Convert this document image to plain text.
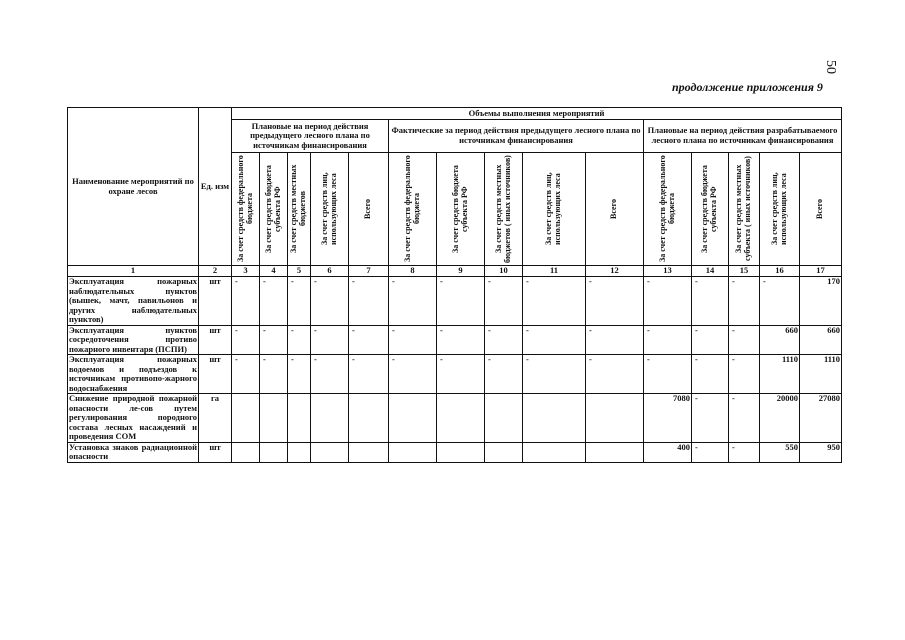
50
продолжение приложения 9
Наименование мероприятий по охране лесов	Ед. изм	Объемы выполнения мероприятий														
		Плановые на период действия предыдущего лесного плана по источникам финансирования					Фактические за период действия предыдущего лесного плана по источникам финансирования					Плановые на период действия разрабатываемого лесного плана по источникам финансирования				

		За счет средств федерального бюджета	За счет средств бюджета субъекта РФ	За счет средств местных бюджетов	За счет средств лиц, использующих леса	Всего	За счет средств федерального бюджета	За счет средств бюджета субъекта РФ	За счет средств местных бюджетов ( иных источников)	За счет средств лиц, использующих леса	Всего	За счет средств федерального бюджета	За счет средств бюджета субъекта РФ	За счет средств местных субъекта ( иных источников)	За счет средств лиц, использующих леса	Всего

1	2	3	4	5	6	7	8	9	10	11	12	13	14	15	16	17
Эксплуатация пожарных наблюдательных пунктов (вышек, мачт, павильонов и других наблюдательных пунктов)	шт	-	-	-	-	-	-	-	-	-	-	-	-	-	-	170
Эксплуатация пунктов сосредоточения противо пожарного инвентаря (ПСПИ)	шт	-	-	-	-	-	-	-	-	-	-	-	-	-	660	660
Эксплуатация пожарных водоемов и подъездов к источникам противопо-жарного водоснабжения	шт	-	-	-	-	-	-	-	-	-	-	-	-	-	1110	1110
Снижение природной пожарной опасности ле-сов путем регулирования породного состава лесных насаждений и проведения СОМ	га											7080	-	-	20000	27080
Установка знаков радиационной опасности	шт											400	-	-	550	950
